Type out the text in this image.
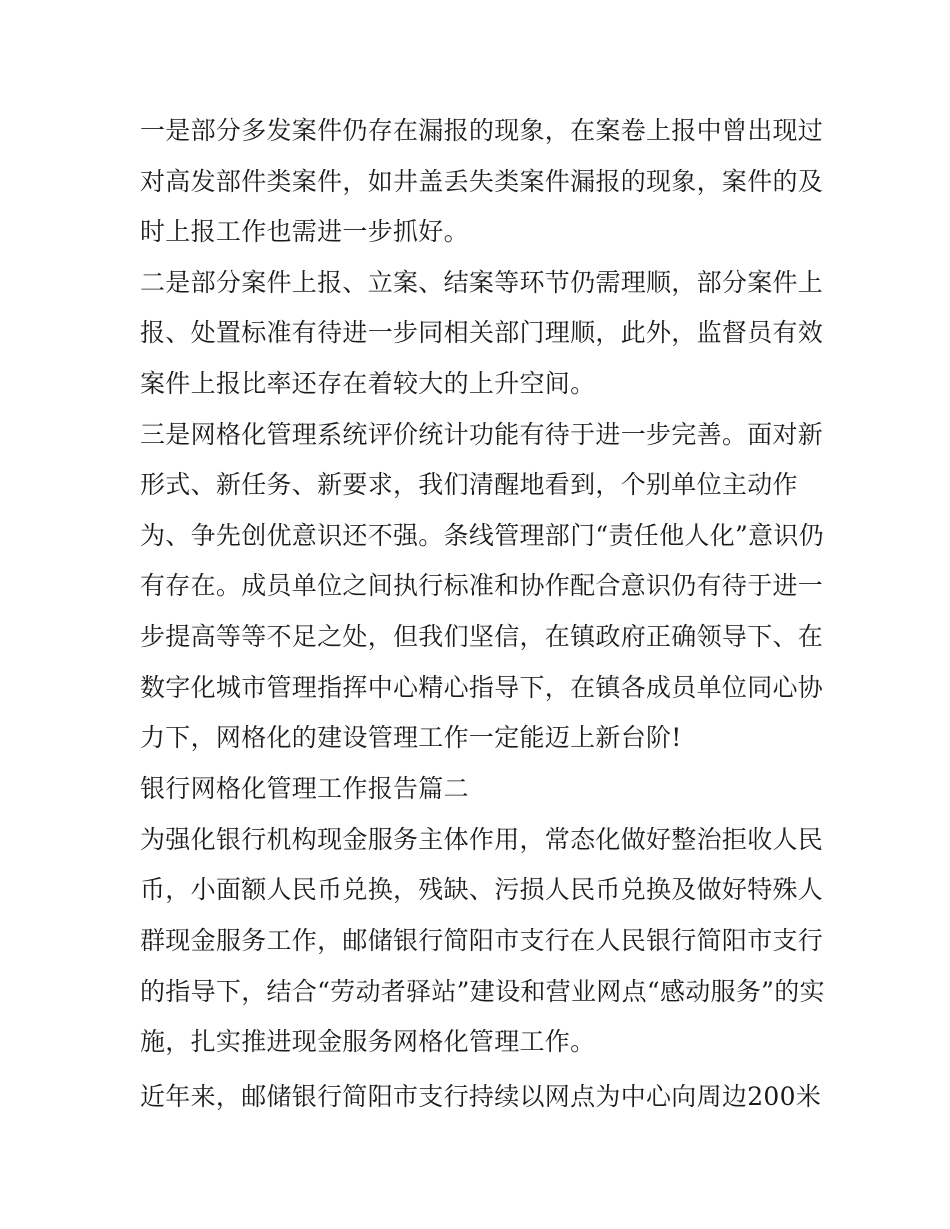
一是部分多发案件仍存在漏报的现象，在案卷上报中曾出现过
对高发部件类案件，如井盖丢失类案件漏报的现象，案件的及
时上报工作也需进一步抓好。
二是部分案件上报、立案、结案等环节仍需理顺，部分案件上
报、处置标准有待进一步同相关部门理顺，此外，监督员有效
案件上报比率还存在着较大的上升空间。
三是网格化管理系统评价统计功能有待于进一步完善。面对新
形式、新任务、新要求，我们清醒地看到，个别单位主动作
为、争先创优意识还不强。条线管理部门“责任他人化”意识仍
有存在。成员单位之间执行标准和协作配合意识仍有待于进一
步提高等等不足之处，但我们坚信，在镇政府正确领导下、在
数字化城市管理指挥中心精心指导下，在镇各成员单位同心协
力下，网格化的建设管理工作一定能迈上新台阶!
银行网格化管理工作报告篇二
为强化银行机构现金服务主体作用，常态化做好整治拒收人民
币，小面额人民币兑换，残缺、污损人民币兑换及做好特殊人
群现金服务工作，邮储银行简阳市支行在人民银行简阳市支行
的指导下，结合“劳动者驿站”建设和营业网点“感动服务”的实
施，扎实推进现金服务网格化管理工作。
近年来，邮储银行简阳市支行持续以网点为中心向周边200米
